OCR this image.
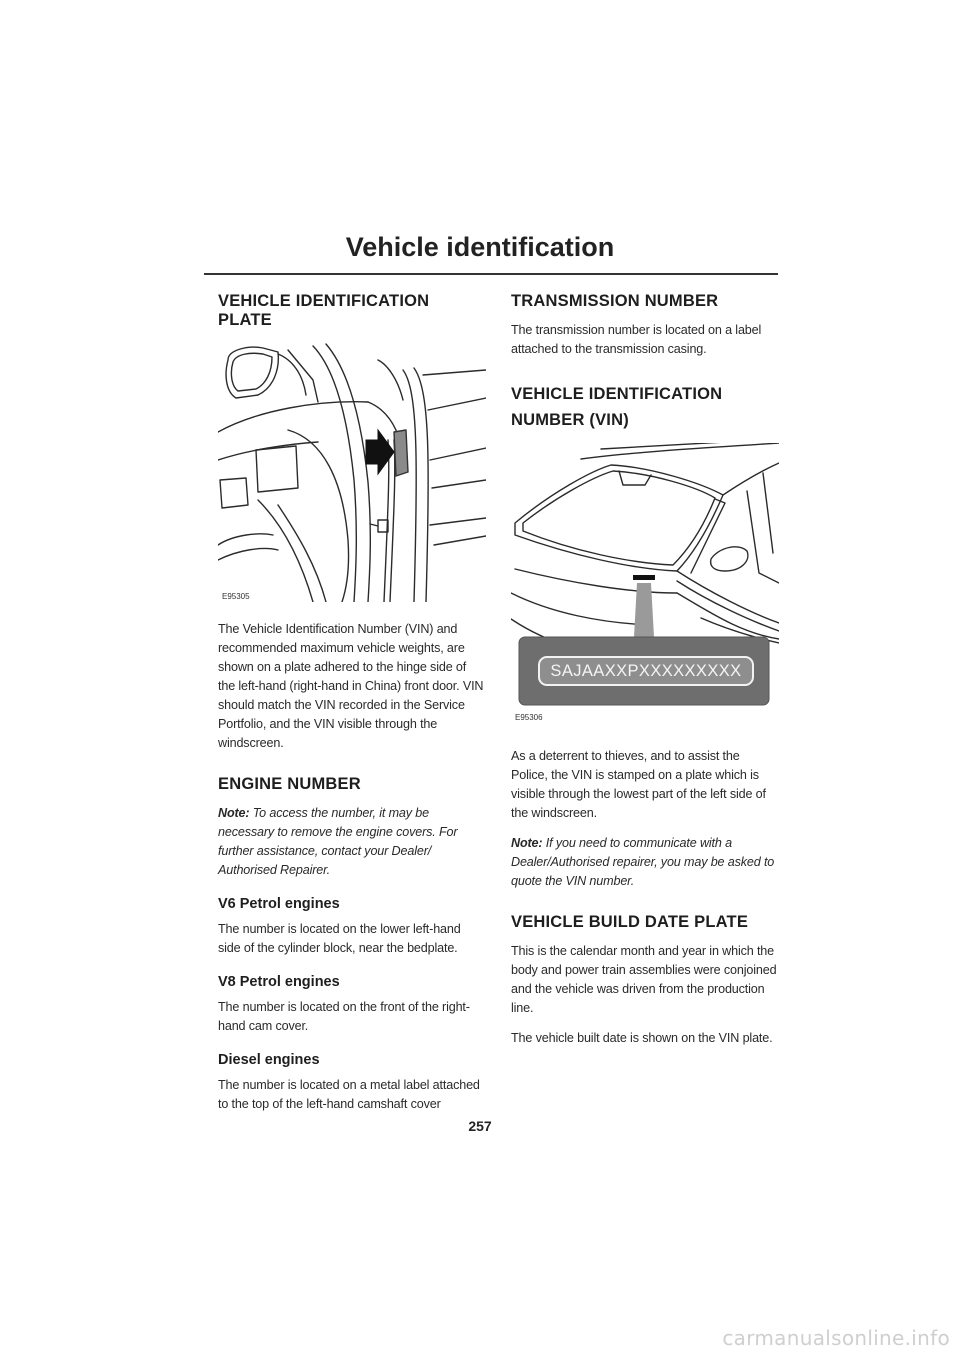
Vehicle identification
VEHICLE IDENTIFICATION PLATE
E95305

The Vehicle Identification Number (VIN) and recommended maximum vehicle weights, are shown on a plate adhered to the hinge side of the left-hand (right-hand in China) front door. VIN should match the VIN recorded in the Service Portfolio, and the VIN visible through the windscreen.

ENGINE NUMBER

Note: To access the number, it may be necessary to remove the engine covers. For further assistance, contact your Dealer/ Authorised Repairer.

V6 Petrol engines

The number is located on the lower left-hand side of the cylinder block, near the bedplate.

V8 Petrol engines

The number is located on the front of the right-hand cam cover.

Diesel engines

The number is located on a metal label attached to the top of the left-hand camshaft cover

TRANSMISSION NUMBER

The transmission number is located on a label attached to the transmission casing.

VEHICLE IDENTIFICATION NUMBER (VIN)
SAJAAXXPXXXXXXXXX
E95306

As a deterrent to thieves, and to assist the Police, the VIN is stamped on a plate which is visible through the lowest part of the left side of the windscreen.

Note: If you need to communicate with a Dealer/Authorised repairer, you may be asked to quote the VIN number.

VEHICLE BUILD DATE PLATE

This is the calendar month and year in which the body and power train assemblies were conjoined and the vehicle was driven from the production line.

The vehicle built date is shown on the VIN plate.

257
carmanualsonline.info
